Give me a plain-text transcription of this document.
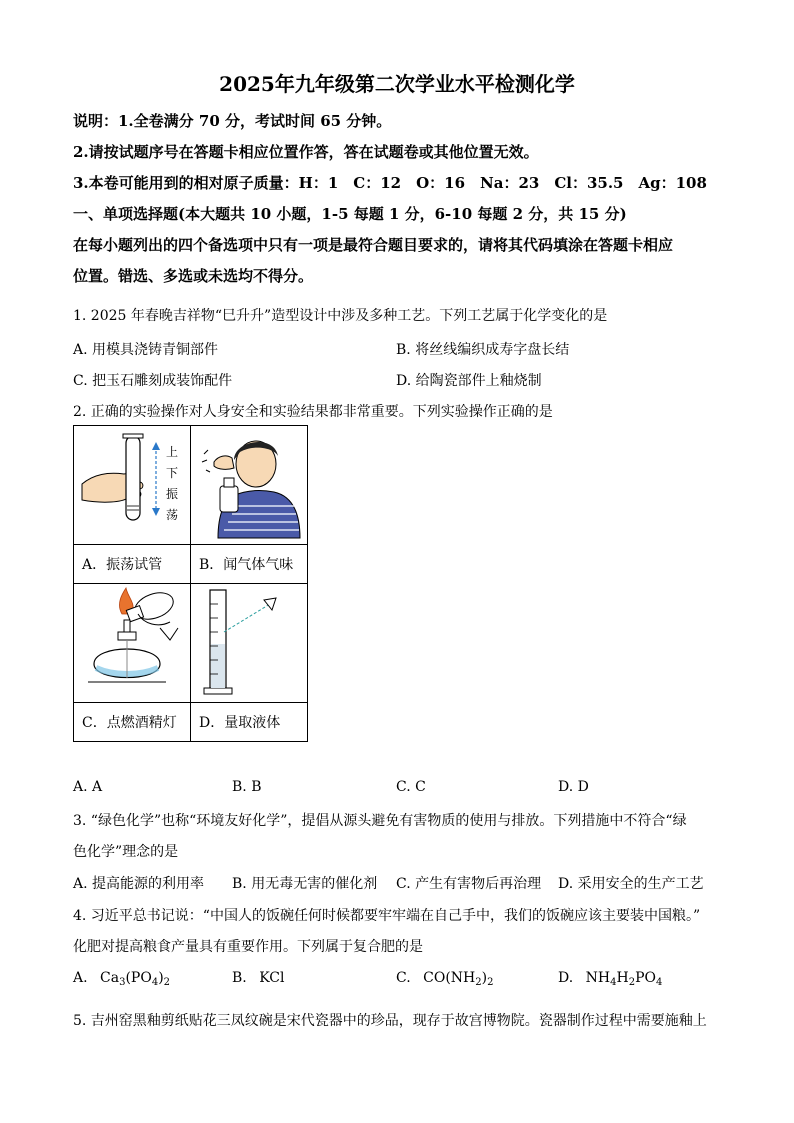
2025年九年级第二次学业水平检测化学
说明：1.全卷满分 70 分，考试时间 65 分钟。
2.请按试题序号在答题卡相应位置作答，答在试题卷或其他位置无效。
3.本卷可能用到的相对原子质量：H：1　C：12　O：16　Na：23　Cl：35.5　Ag：108
一、单项选择题(本大题共 10 小题，1-5 每题 1 分，6-10 每题 2 分，共 15 分)
在每小题列出的四个备选项中只有一项是最符合题目要求的，请将其代码填涂在答题卡相应
位置。错选、多选或未选均不得分。
1. 2025 年春晚吉祥物“巳升升”造型设计中涉及多种工艺。下列工艺属于化学变化的是
A. 用模具浇铸青铜部件	B. 将丝线编织成寿字盘长结
C. 把玉石雕刻成装饰配件	D. 给陶瓷部件上釉烧制
2. 正确的实验操作对人身安全和实验结果都非常重要。下列实验操作正确的是
上
下
振
荡

A．振荡试管	B．闻气体气味

C．点燃酒精灯	D．量取液体
A. A	B. B	C. C	D. D
3. “绿色化学”也称“环境友好化学”，提倡从源头避免有害物质的使用与排放。下列措施中不符合“绿
色化学”理念的是
A. 提高能源的利用率 B. 用无毒无害的催化剂 C. 产生有害物后再治理 D. 采用安全的生产工艺
4. 习近平总书记说：“中国人的饭碗任何时候都要牢牢端在自己手中，我们的饭碗应该主要装中国粮。”
化肥对提高粮食产量具有重要作用。下列属于复合肥的是
A. $Ca_3(PO_4)_2$	B. KCl	C. $CO(NH_2)_2$	D. $NH_4H_2PO_4$
5. 吉州窑黑釉剪纸贴花三凤纹碗是宋代瓷器中的珍品，现存于故宫博物院。瓷器制作过程中需要施釉上
